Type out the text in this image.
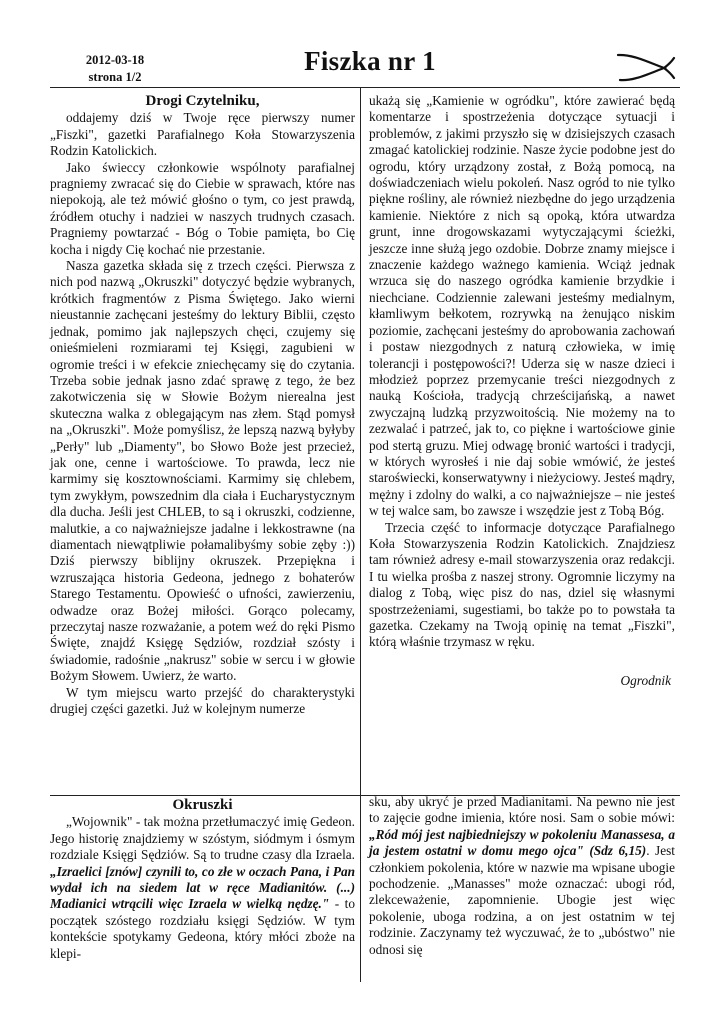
2012-03-18
strona 1/2
Fiszka nr 1
Drogi Czytelniku,

oddajemy dziś w Twoje ręce pierwszy numer „Fiszki", gazetki Parafialnego Koła Stowarzyszenia Rodzin Katolickich.

Jako świeccy członkowie wspólnoty parafialnej pragniemy zwracać się do Ciebie w sprawach, które nas niepokoją, ale też mówić głośno o tym, co jest prawdą, źródłem otuchy i nadziei w naszych trudnych czasach. Pragniemy powtarzać - Bóg o Tobie pamięta, bo Cię kocha i nigdy Cię kochać nie przestanie.

Nasza gazetka składa się z trzech części. Pierwsza z nich pod nazwą „Okruszki" dotyczyć będzie wybranych, krótkich fragmentów z Pisma Świętego. Jako wierni nieustannie zachęcani jesteśmy do lektury Biblii, często jednak, pomimo jak najlepszych chęci, czujemy się onieśmieleni rozmiarami tej Księgi, zagubieni w ogromie treści i w efekcie zniechęcamy się do czytania. Trzeba sobie jednak jasno zdać sprawę z tego, że bez zakotwiczenia się w Słowie Bożym nierealna jest skuteczna walka z oblegającym nas złem. Stąd pomysł na „Okruszki". Może pomyślisz, że lepszą nazwą byłyby „Perły" lub „Diamenty", bo Słowo Boże jest przecież, jak one, cenne i wartościowe. To prawda, lecz nie karmimy się kosztownościami. Karmimy się chlebem, tym zwykłym, powszednim dla ciała i Eucharystycznym dla ducha. Jeśli jest CHLEB, to są i okruszki, codzienne, malutkie, a co najważniejsze jadalne i lekkostrawne (na diamentach niewątpliwie połamalibyśmy sobie zęby :)) Dziś pierwszy biblijny okruszek. Przepiękna i wzruszająca historia Gedeona, jednego z bohaterów Starego Testamentu. Opowieść o ufności, zawierzeniu, odwadze oraz Bożej miłości. Gorąco polecamy, przeczytaj nasze rozważanie, a potem weź do ręki Pismo Święte, znajdź Księgę Sędziów, rozdział szósty i świadomie, radośnie „nakrusz" sobie w sercu i w głowie Bożym Słowem. Uwierz, że warto.

W tym miejscu warto przejść do charakterystyki drugiej części gazetki. Już w kolejnym numerze

ukażą się „Kamienie w ogródku", które zawierać będą komentarze i spostrzeżenia dotyczące sytuacji i problemów, z jakimi przyszło się w dzisiejszych czasach zmagać katolickiej rodzinie. Nasze życie podobne jest do ogrodu, który urządzony został, z Bożą pomocą, na doświadczeniach wielu pokoleń. Nasz ogród to nie tylko piękne rośliny, ale również niezbędne do jego urządzenia kamienie. Niektóre z nich są opoką, która utwardza grunt, inne drogowskazami wytyczającymi ścieżki, jeszcze inne służą jego ozdobie. Dobrze znamy miejsce i znaczenie każdego ważnego kamienia. Wciąż jednak wrzuca się do naszego ogródka kamienie brzydkie i niechciane. Codziennie zalewani jesteśmy medialnym, kłamliwym bełkotem, rozrywką na żenująco niskim poziomie, zachęcani jesteśmy do aprobowania zachowań i postaw niezgodnych z naturą człowieka, w imię tolerancji i postępowości?! Uderza się w nasze dzieci i młodzież poprzez przemycanie treści niezgodnych z nauką Kościoła, tradycją chrześcijańską, a nawet zwyczajną ludzką przyzwoitością. Nie możemy na to zezwalać i patrzeć, jak to, co piękne i wartościowe ginie pod stertą gruzu. Miej odwagę bronić wartości i tradycji, w których wyrosłeś i nie daj sobie wmówić, że jesteś staroświecki, konserwatywny i nieżyciowy. Jesteś mądry, mężny i zdolny do walki, a co najważniejsze – nie jesteś w tej walce sam, bo zawsze i wszędzie jest z Tobą Bóg.

Trzecia część to informacje dotyczące Parafialnego Koła Stowarzyszenia Rodzin Katolickich. Znajdziesz tam również adresy e-mail stowarzyszenia oraz redakcji. I tu wielka prośba z naszej strony. Ogromnie liczymy na dialog z Tobą, więc pisz do nas, dziel się własnymi spostrzeżeniami, sugestiami, bo także po to powstała ta gazetka. Czekamy na Twoją opinię na temat „Fiszki", którą właśnie trzymasz w ręku.

Ogrodnik

Okruszki

„Wojownik" - tak można przetłumaczyć imię Gedeon. Jego historię znajdziemy w szóstym, siódmym i ósmym rozdziale Księgi Sędziów. Są to trudne czasy dla Izraela. „Izraelici [znów] czynili to, co złe w oczach Pana, i Pan wydał ich na siedem lat w ręce Madianitów. (...) Madianici wtrącili więc Izraela w wielką nędzę." - to początek szóstego rozdziału księgi Sędziów. W tym kontekście spotykamy Gedeona, który młóci zboże na klepi-

sku, aby ukryć je przed Madianitami. Na pewno nie jest to zajęcie godne imienia, które nosi. Sam o sobie mówi: „Ród mój jest najbiedniejszy w pokoleniu Manassesa, a ja jestem ostatni w domu mego ojca" (Sdz 6,15). Jest członkiem pokolenia, które w nazwie ma wpisane ubogie pochodzenie. „Manasses" może oznaczać: ubogi ród, zlekceważenie, zapomnienie. Ubogie jest więc pokolenie, uboga rodzina, a on jest ostatnim w tej rodzinie. Zaczynamy też wyczuwać, że to „ubóstwo" nie odnosi się
